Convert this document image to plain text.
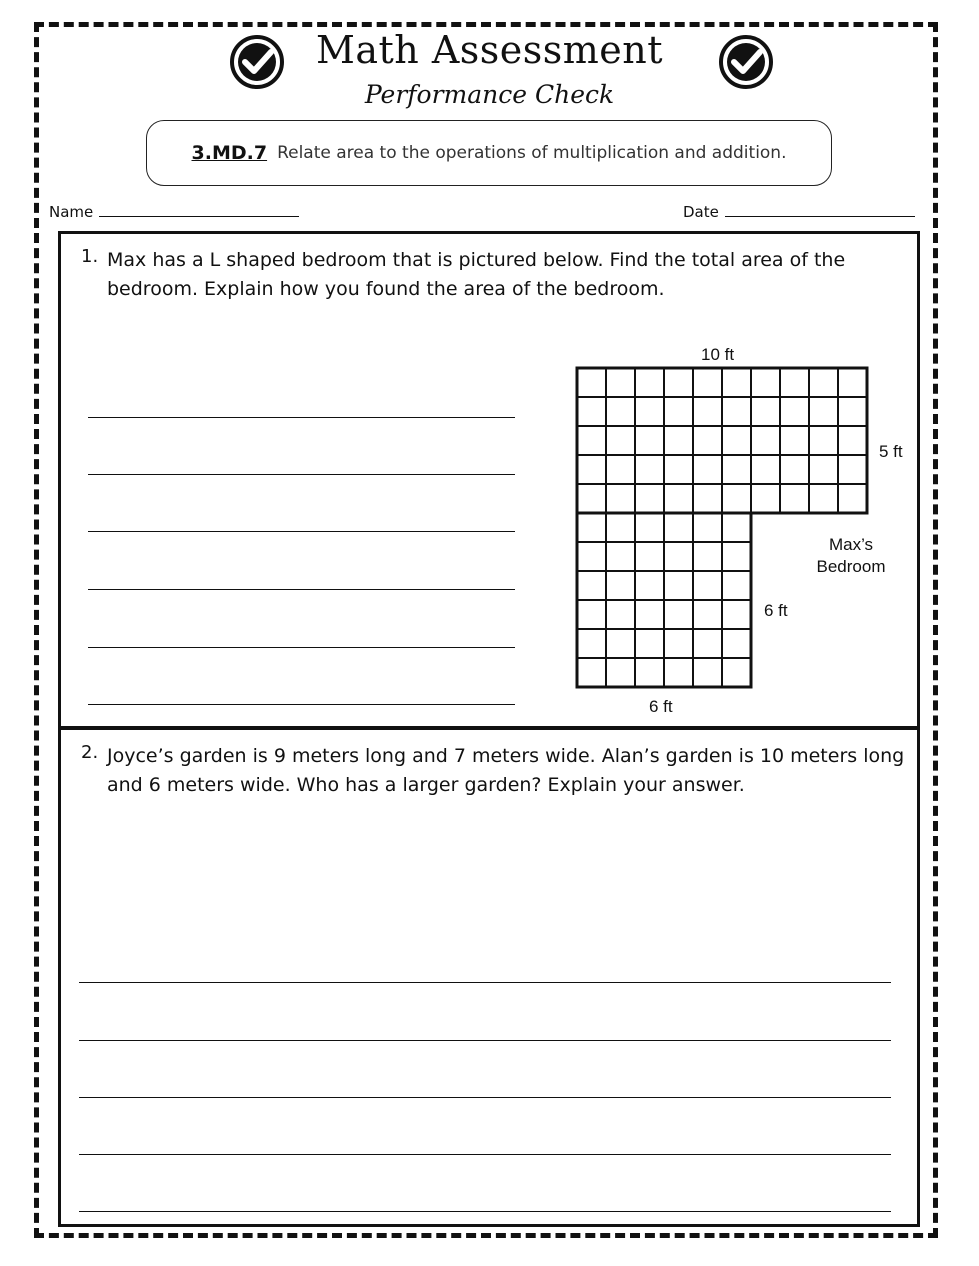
Math Assessment
Performance Check
3.MD.7 Relate area to the operations of multiplication and addition.
Name	Date
1. Max has a L shaped bedroom that is pictured below. Find the total area of the bedroom. Explain how you found the area of the bedroom.
10 ft
5 ft
6 ft
6 ft
Max’s Bedroom
2. Joyce’s garden is 9 meters long and 7 meters wide. Alan’s garden is 10 meters long and 6 meters wide. Who has a larger garden? Explain your answer.
